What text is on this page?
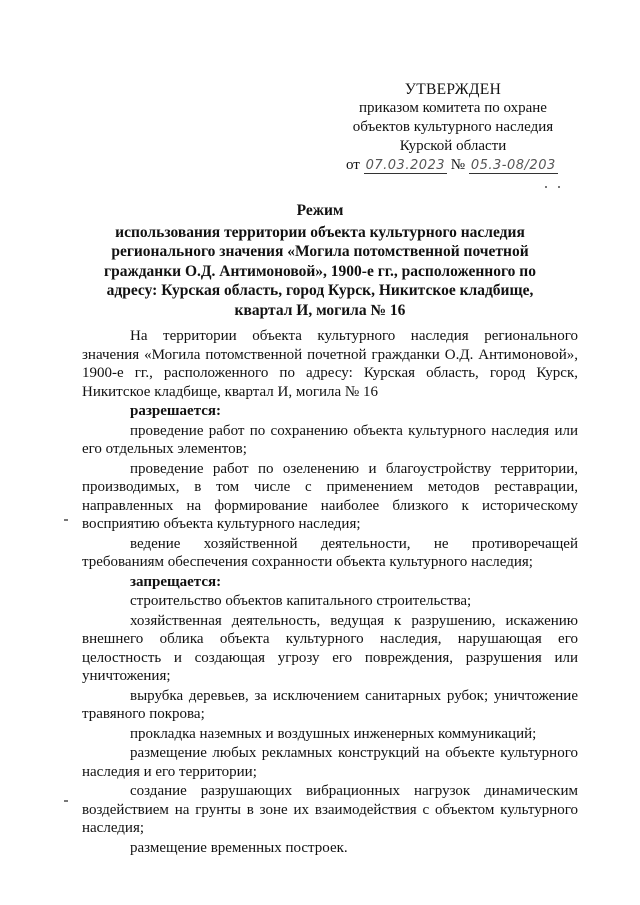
УТВЕРЖДЕН
приказом комитета по охране
объектов культурного наследия
Курской области
от 07.03.2023 № 05.3-08/203
Режим
использования территории объекта культурного наследия регионального значения «Могила потомственной почетной гражданки О.Д. Антимоновой», 1900-е гг., расположенного по адресу: Курская область, город Курск, Никитское кладбище, квартал И, могила № 16

На территории объекта культурного наследия регионального значения «Могила потомственной почетной гражданки О.Д. Антимоновой», 1900-е гг., расположенного по адресу: Курская область, город Курск, Никитское кладбище, квартал И, могила № 16

разрешается:

проведение работ по сохранению объекта культурного наследия или его отдельных элементов;

проведение работ по озеленению и благоустройству территории, производимых, в том числе с применением методов реставрации, направленных на формирование наиболее близкого к историческому восприятию объекта культурного наследия;

ведение хозяйственной деятельности, не противоречащей требованиям обеспечения сохранности объекта культурного наследия;

запрещается:

строительство объектов капитального строительства;

хозяйственная деятельность, ведущая к разрушению, искажению внешнего облика объекта культурного наследия, нарушающая его целостность и создающая угрозу его повреждения, разрушения или уничтожения;

вырубка деревьев, за исключением санитарных рубок; уничтожение травяного покрова;

прокладка наземных и воздушных инженерных коммуникаций;

размещение любых рекламных конструкций на объекте культурного наследия и его территории;

создание разрушающих вибрационных нагрузок динамическим воздействием на грунты в зоне их взаимодействия с объектом культурного наследия;

размещение временных построек.
